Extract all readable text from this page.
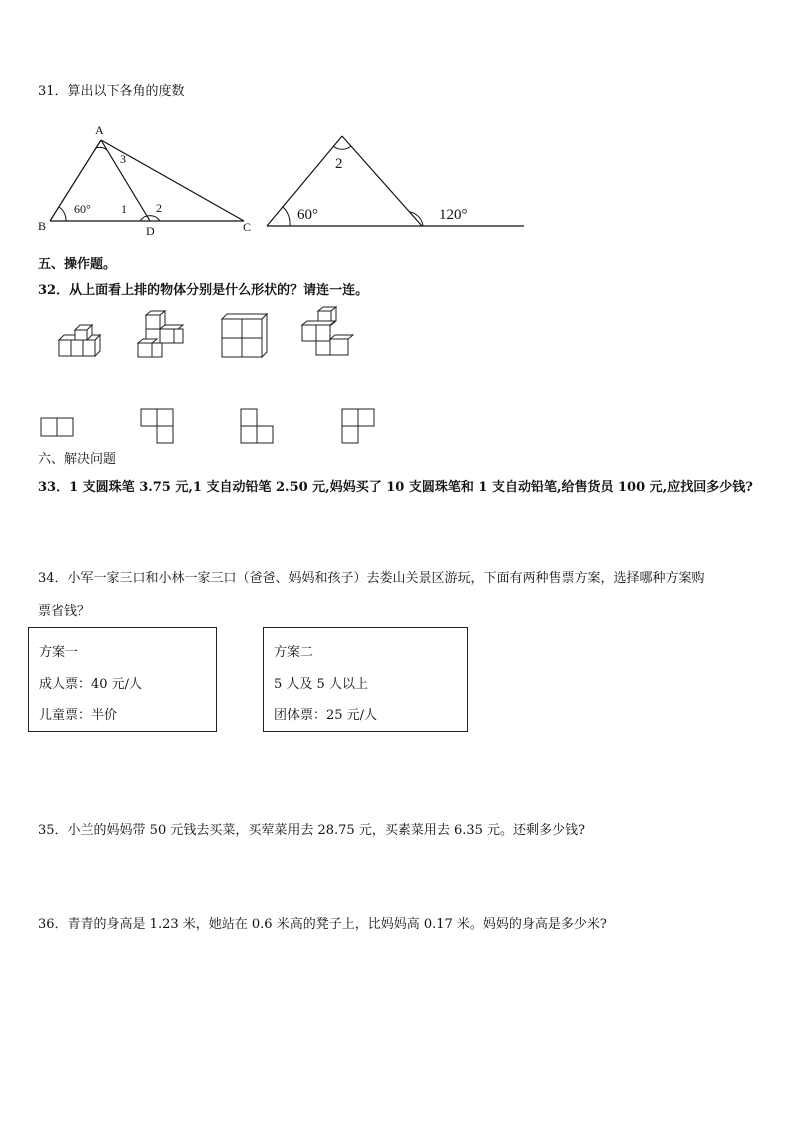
31．算出以下各角的度数
A
B	C
D
60°	1 2
3	2
60°	120°
五、操作题。
32．从上面看上排的物体分别是什么形状的？请连一连。
六、解决问题
33．1 支圆珠笔 3.75 元,1 支自动铅笔 2.50 元,妈妈买了 10 支圆珠笔和 1 支自动铅笔,给售货员 100 元,应找回多少钱?
34．小军一家三口和小林一家三口（爸爸、妈妈和孩子）去娄山关景区游玩，下面有两种售票方案，选择哪种方案购
票省钱？
方案一
成人票：40 元/人
儿童票：半价
方案二
5 人及 5 人以上
团体票：25 元/人
35．小兰的妈妈带 50 元钱去买菜，买荤菜用去 28.75 元，买素菜用去 6.35 元。还剩多少钱?
36．青青的身高是 1.23 米，她站在 0.6 米高的凳子上，比妈妈高 0.17 米。妈妈的身高是多少米?
